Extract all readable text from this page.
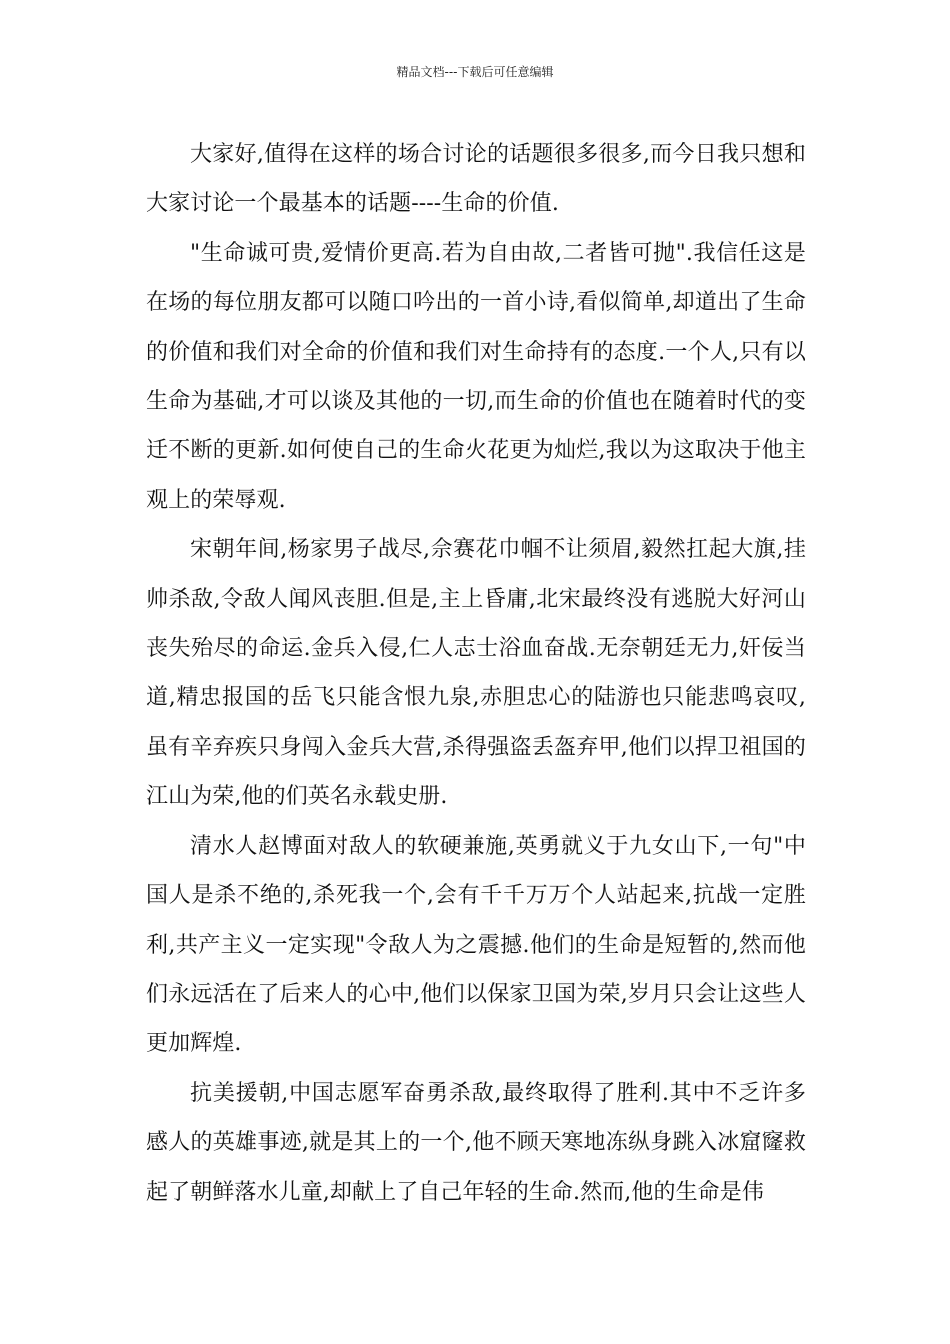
精品文档---下载后可任意编辑

大家好,值得在这样的场合讨论的话题很多很多,而今日我只想和大家讨论一个最基本的话题----生命的价值.

"生命诚可贵,爱情价更高.若为自由故,二者皆可抛".我信任这是在场的每位朋友都可以随口吟出的一首小诗,看似简单,却道出了生命的价值和我们对全命的价值和我们对生命持有的态度.一个人,只有以生命为基础,才可以谈及其他的一切,而生命的价值也在随着时代的变迁不断的更新.如何使自己的生命火花更为灿烂,我以为这取决于他主观上的荣辱观.

宋朝年间,杨家男子战尽,佘赛花巾帼不让须眉,毅然扛起大旗,挂帅杀敌,令敌人闻风丧胆.但是,主上昏庸,北宋最终没有逃脱大好河山丧失殆尽的命运.金兵入侵,仁人志士浴血奋战.无奈朝廷无力,奸佞当道,精忠报国的岳飞只能含恨九泉,赤胆忠心的陆游也只能悲鸣哀叹,虽有辛弃疾只身闯入金兵大营,杀得强盗丢盔弃甲,他们以捍卫祖国的江山为荣,他的们英名永载史册.

清水人赵博面对敌人的软硬兼施,英勇就义于九女山下,一句"中国人是杀不绝的,杀死我一个,会有千千万万个人站起来,抗战一定胜利,共产主义一定实现"令敌人为之震撼.他们的生命是短暂的,然而他们永远活在了后来人的心中,他们以保家卫国为荣,岁月只会让这些人更加辉煌.

抗美援朝,中国志愿军奋勇杀敌,最终取得了胜利.其中不乏许多感人的英雄事迹,就是其上的一个,他不顾天寒地冻纵身跳入冰窟窿救起了朝鲜落水儿童,却献上了自己年轻的生命.然而,他的生命是伟
